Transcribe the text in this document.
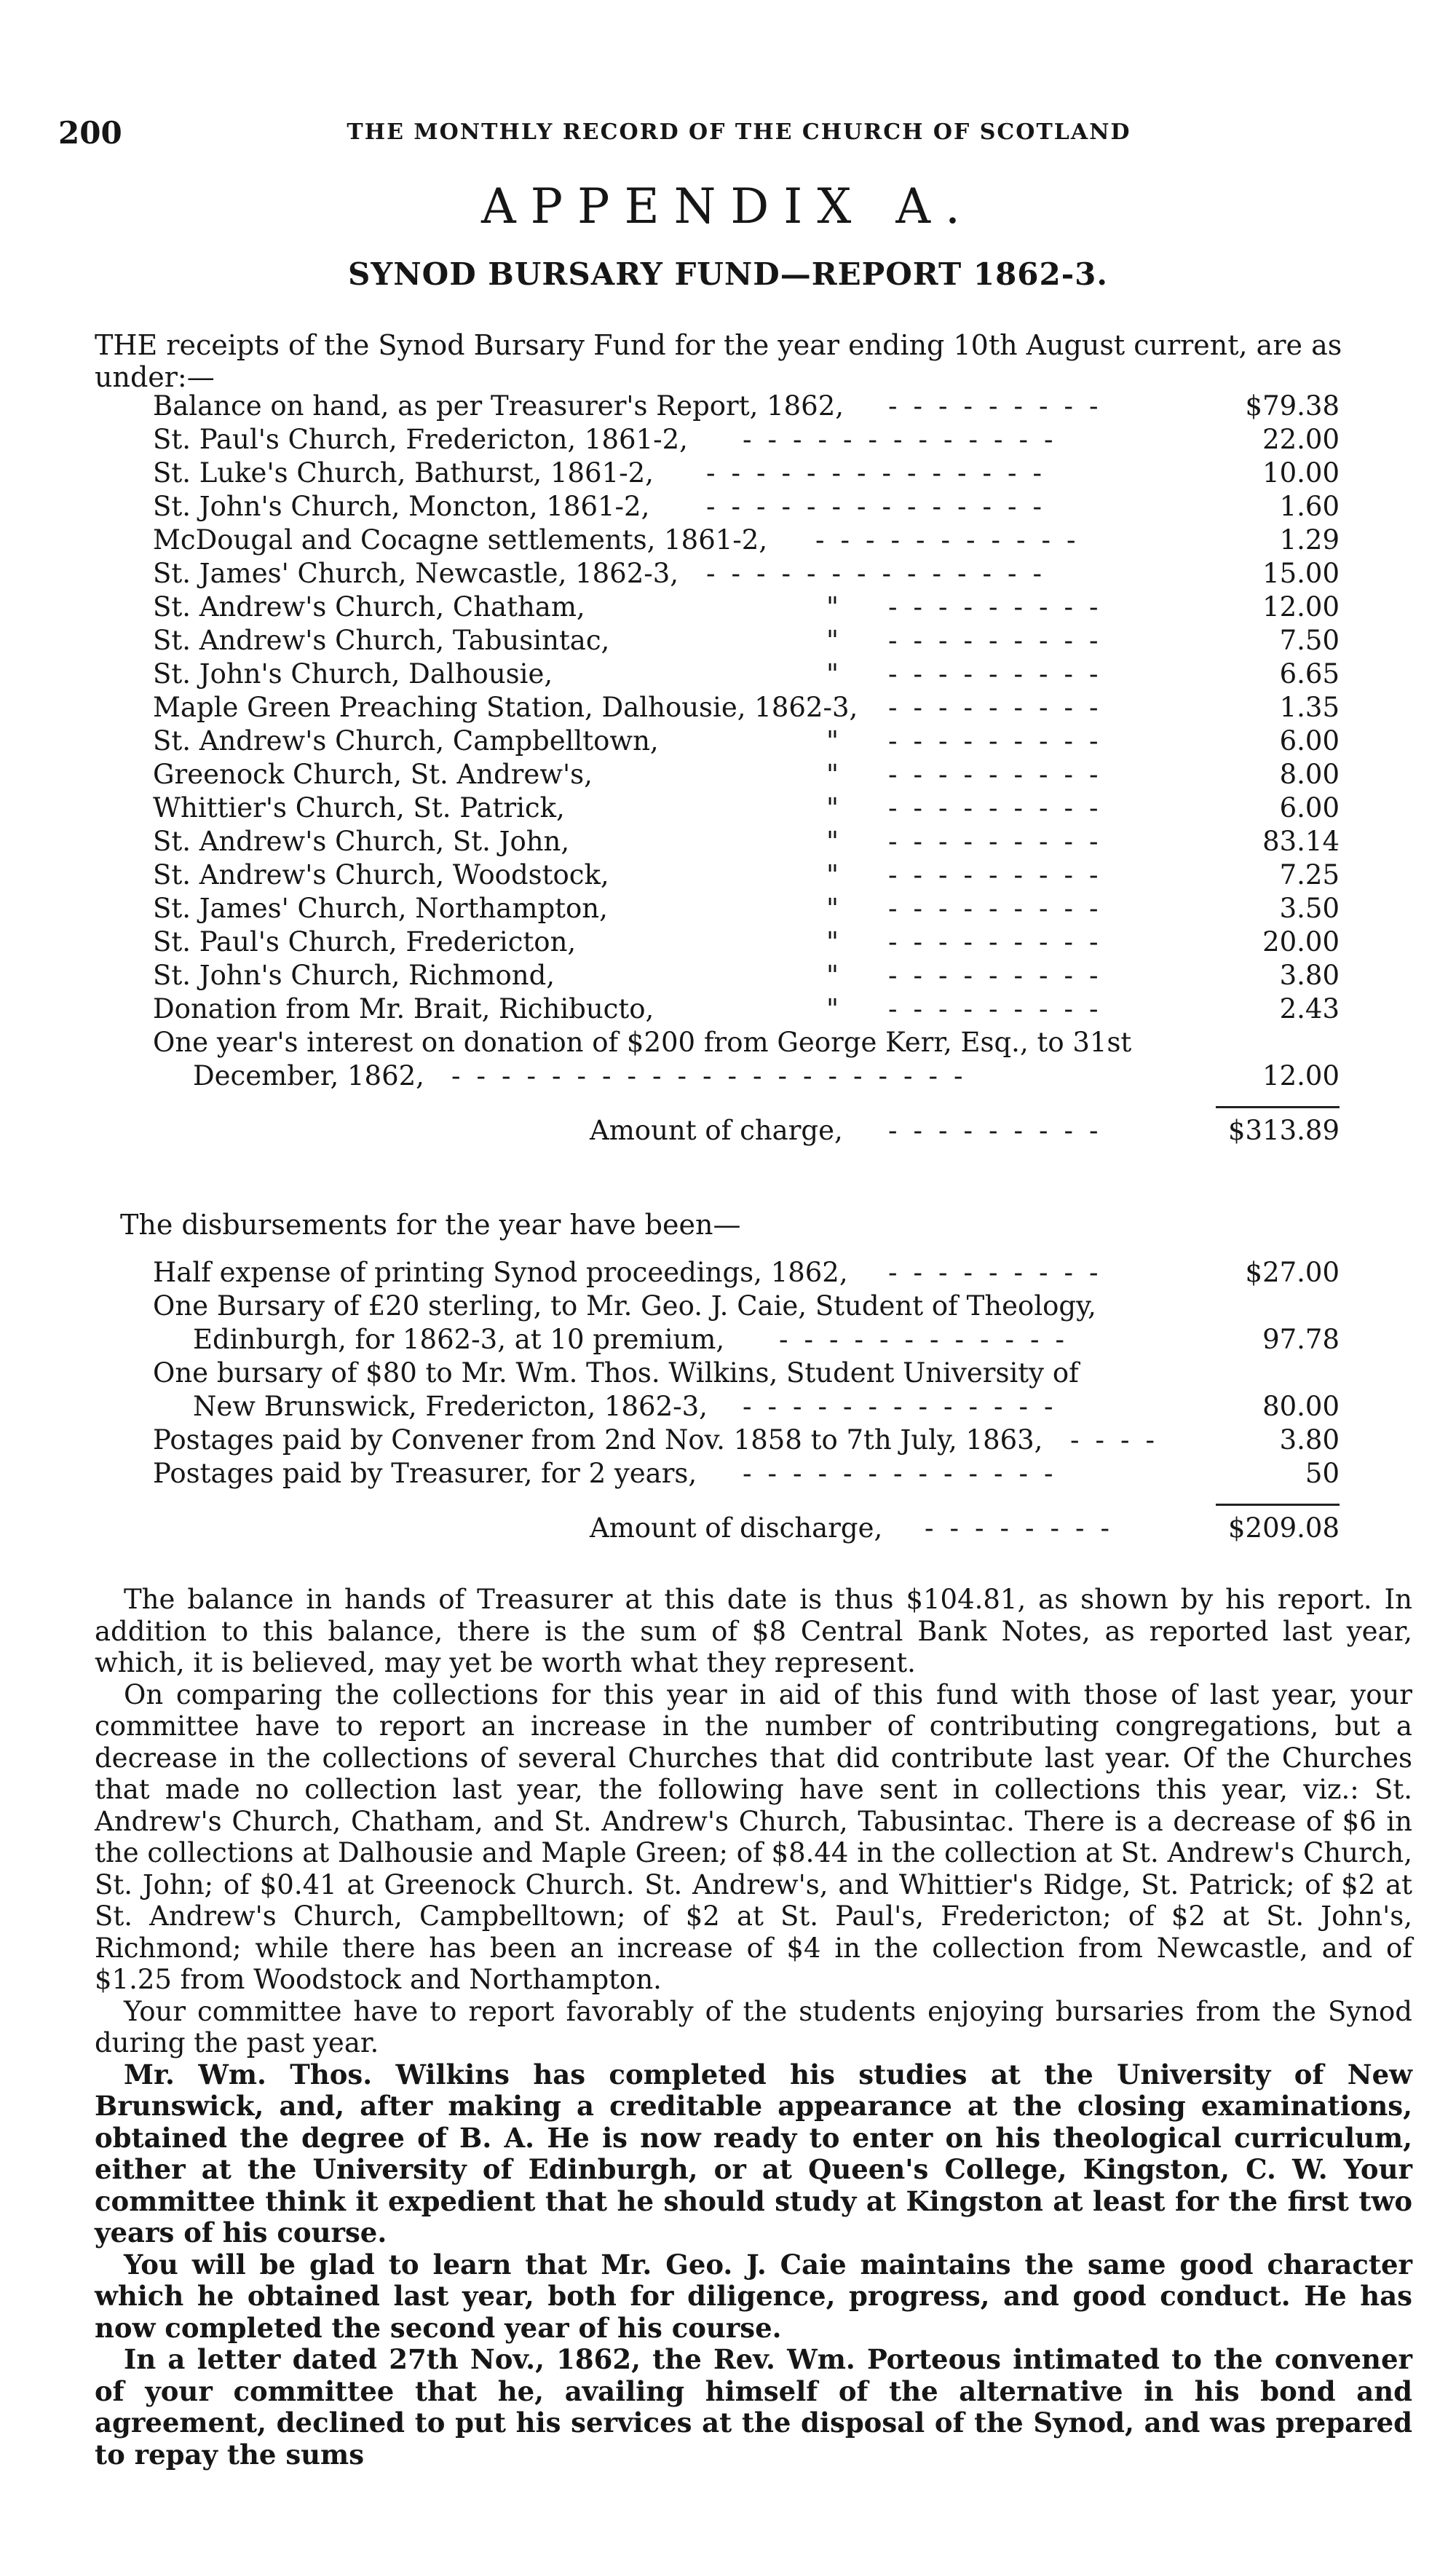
200	THE MONTHLY RECORD OF THE CHURCH OF SCOTLAND
APPENDIX A.
SYNOD BURSARY FUND—REPORT 1862-3.
THE receipts of the Synod Bursary Fund for the year ending 10th August current, are as under:—
Balance on hand, as per Treasurer's Report, 1862,	$79.38
---------
St. Paul's Church, Fredericton, 1861-2,	22.00
-------------
St. Luke's Church, Bathurst, 1861-2,	10.00
--------------
St. John's Church, Moncton, 1861-2,	1.60
--------------
McDougal and Cocagne settlements, 1861-2,	1.29
-----------
St. James' Church, Newcastle, 1862-3,	15.00
--------------
St. Andrew's Church, Chatham,	"	12.00
---------
St. Andrew's Church, Tabusintac,	"	7.50
---------
St. John's Church, Dalhousie,	"	6.65
---------
Maple Green Preaching Station, Dalhousie, 1862-3,	1.35
---------
St. Andrew's Church, Campbelltown,	"	6.00
---------
Greenock Church, St. Andrew's,	"	8.00
---------
Whittier's Church, St. Patrick,	"	6.00
---------
St. Andrew's Church, St. John,	"	83.14
---------
St. Andrew's Church, Woodstock,	"	7.25
---------
St. James' Church, Northampton,	"	3.50
---------
St. Paul's Church, Fredericton,	"	20.00
---------
St. John's Church, Richmond,	"	3.80
---------
Donation from Mr. Brait, Richibucto,	"	2.43
---------
One year's interest on donation of $200 from George Kerr, Esq., to 31st
December, 1862,	12.00
---------------------
Amount of charge,	$313.89
---------
The disbursements for the year have been—
Half expense of printing Synod proceedings, 1862,	$27.00
---------
One Bursary of £20 sterling, to Mr. Geo. J. Caie, Student of Theology,
Edinburgh, for 1862-3, at 10 premium,	97.78
------------
One bursary of $80 to Mr. Wm. Thos. Wilkins, Student University of
New Brunswick, Fredericton, 1862-3,	80.00
-------------
Postages paid by Convener from 2nd Nov. 1858 to 7th July, 1863,	3.80
----
Postages paid by Treasurer, for 2 years,	50
-------------
Amount of discharge,	$209.08
--------

The balance in hands of Treasurer at this date is thus $104.81, as shown by his report. In addition to this balance, there is the sum of $8 Central Bank Notes, as reported last year, which, it is believed, may yet be worth what they represent.

On comparing the collections for this year in aid of this fund with those of last year, your committee have to report an increase in the number of contributing congregations, but a decrease in the collections of several Churches that did contribute last year. Of the Churches that made no collection last year, the following have sent in collections this year, viz.: St. Andrew's Church, Chatham, and St. Andrew's Church, Tabusintac. There is a decrease of $6 in the collections at Dalhousie and Maple Green; of $8.44 in the collection at St. Andrew's Church, St. John; of $0.41 at Greenock Church. St. Andrew's, and Whittier's Ridge, St. Patrick; of $2 at St. Andrew's Church, Campbelltown; of $2 at St. Paul's, Fredericton; of $2 at St. John's, Richmond; while there has been an increase of $4 in the collection from Newcastle, and of $1.25 from Woodstock and Northampton.

Your committee have to report favorably of the students enjoying bursaries from the Synod during the past year.

Mr. Wm. Thos. Wilkins has completed his studies at the University of New Brunswick, and, after making a creditable appearance at the closing examinations, obtained the degree of B. A. He is now ready to enter on his theological curriculum, either at the University of Edinburgh, or at Queen's College, Kingston, C. W. Your committee think it expedient that he should study at Kingston at least for the first two years of his course.

You will be glad to learn that Mr. Geo. J. Caie maintains the same good character which he obtained last year, both for diligence, progress, and good conduct. He has now completed the second year of his course.

In a letter dated 27th Nov., 1862, the Rev. Wm. Porteous intimated to the convener of your committee that he, availing himself of the alternative in his bond and agreement, declined to put his services at the disposal of the Synod, and was prepared to repay the sums
